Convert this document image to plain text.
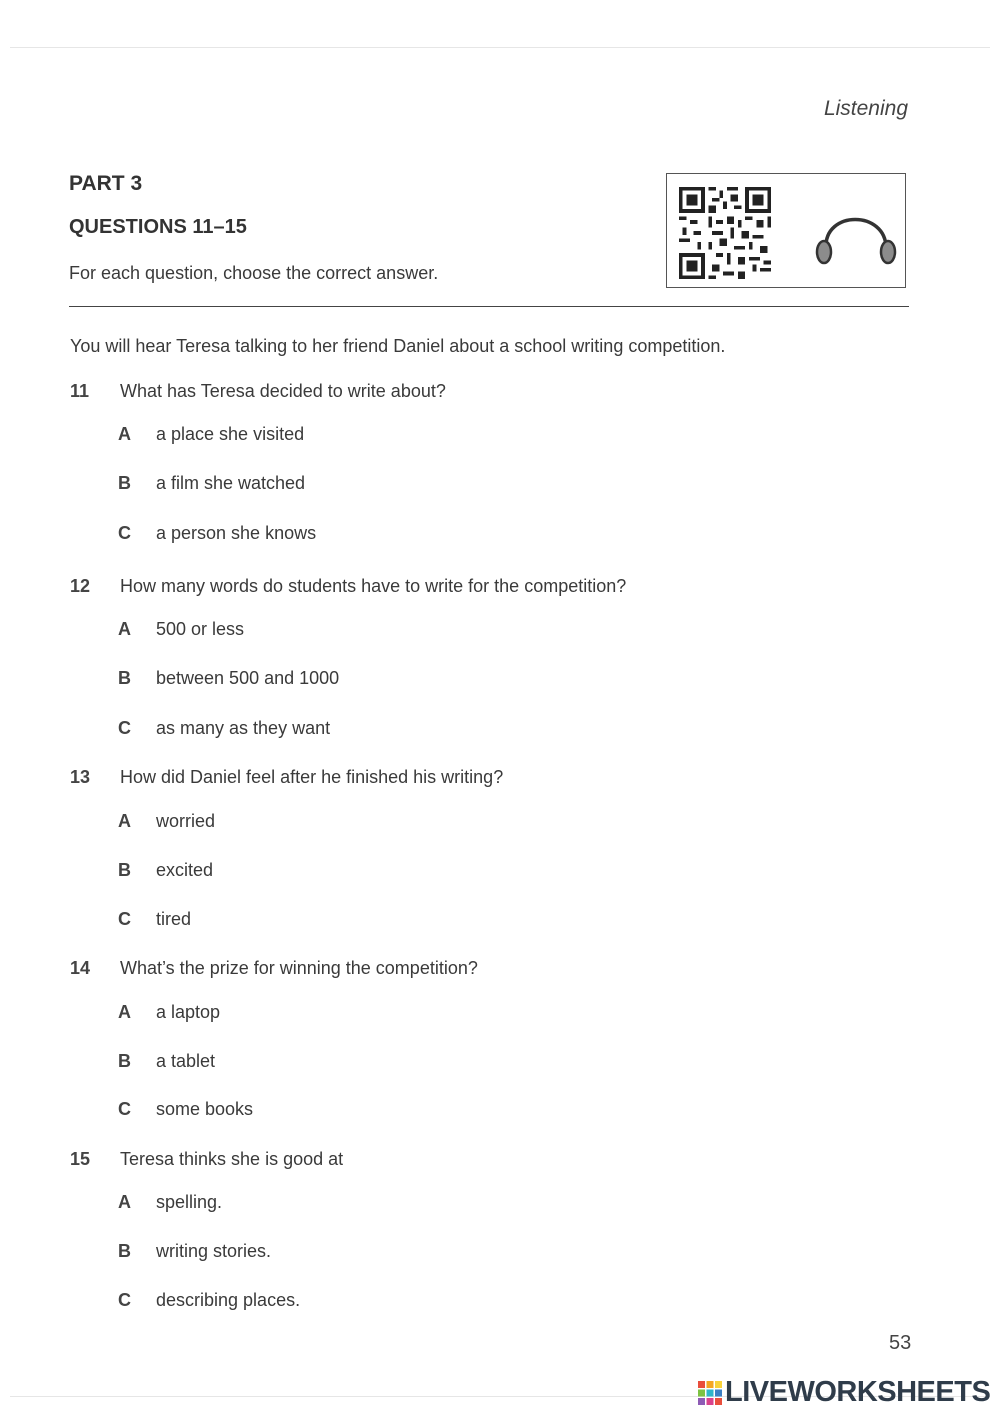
Listening
PART 3
QUESTIONS 11–15
For each question, choose the correct answer.
You will hear Teresa talking to her friend Daniel about a school writing competition.
11	What has Teresa decided to write about?
A	a place she visited
B	a film she watched
C	a person she knows
12	How many words do students have to write for the competition?
A	500 or less
B	between 500 and 1000
C	as many as they want
13	How did Daniel feel after he finished his writing?
A	worried
B	excited
C	tired
14	What’s the prize for winning the competition?
A	a laptop
B	a tablet
C	some books
15	Teresa thinks she is good at
A	spelling.
B	writing stories.
C	describing places.
53
LIVEWORKSHEETS
